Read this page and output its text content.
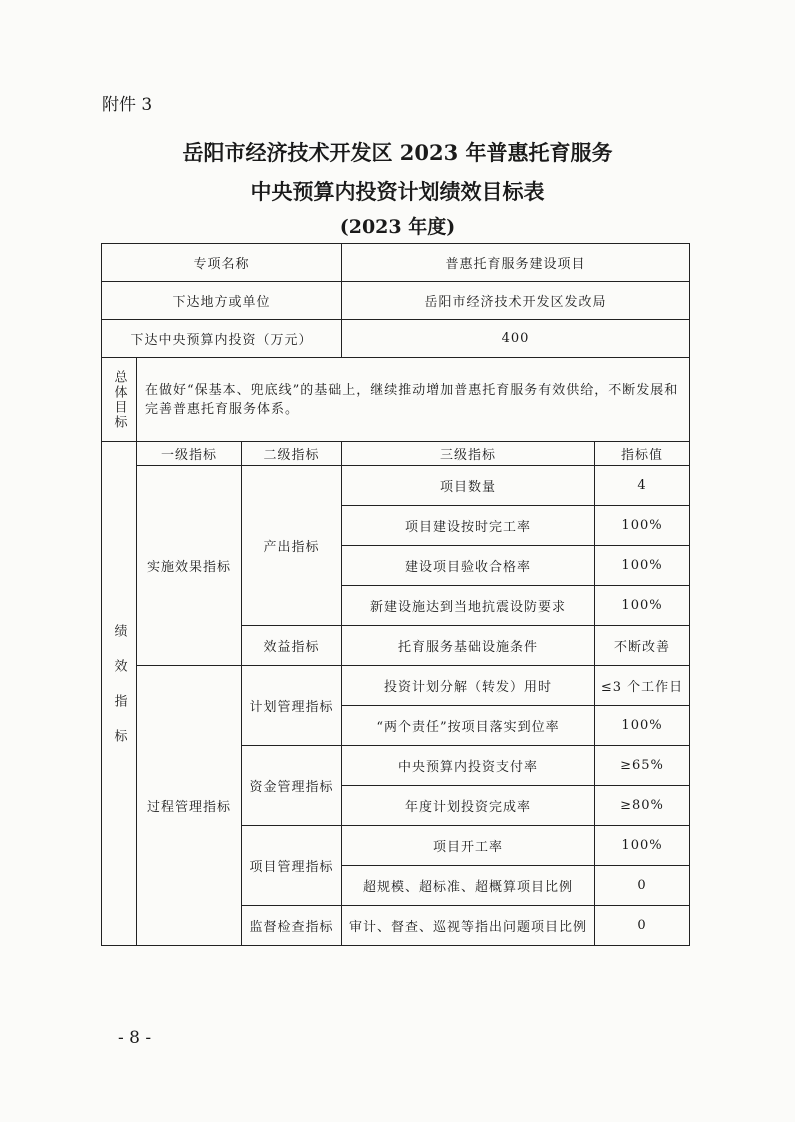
附件 3
岳阳市经济技术开发区 2023 年普惠托育服务
中央预算内投资计划绩效目标表
(2023 年度)
专项名称			普惠托育服务建设项目	
下达地方或单位			岳阳市经济技术开发区发改局	
下达中央预算内投资（万元）			400	

总体目标	在做好“保基本、兜底线”的基础上，继续推动增加普惠托育服务有效供给，不断发展和完善普惠托育服务体系。			

绩效指标	一级指标	二级指标	三级指标	指标值
	实施效果指标	产出指标	项目数量	4
			项目建设按时完工率	100%
			建设项目验收合格率	100%
			新建设施达到当地抗震设防要求	100%
		效益指标	托育服务基础设施条件	不断改善
	过程管理指标	计划管理指标	投资计划分解（转发）用时	≤3 个工作日
			“两个责任”按项目落实到位率	100%
		资金管理指标	中央预算内投资支付率	≥65%
			年度计划投资完成率	≥80%
		项目管理指标	项目开工率	100%
			超规模、超标准、超概算项目比例	0
		监督检查指标	审计、督查、巡视等指出问题项目比例	0
- 8 -
